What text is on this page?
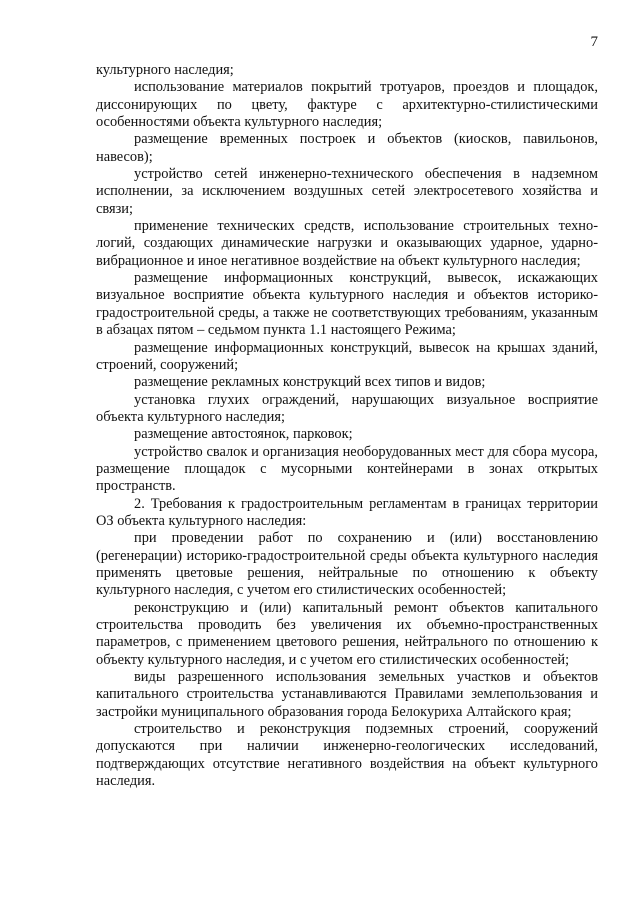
7

культурного наследия;

использование материалов покрытий тротуаров, проездов и площадок, диссонирующих по цвету, фактуре с архитектурно-стилистическими особенностями объекта культурного наследия;

размещение временных построек и объектов (киосков, павильонов, навесов);

устройство сетей инженерно-технического обеспечения в надземном исполнении, за исключением воздушных сетей электросетевого хозяйства и связи;

применение технических средств, использование строительных технологий, создающих динамические нагрузки и оказывающих ударное, ударно-вибрационное и иное негативное воздействие на объект культурного наследия;

размещение информационных конструкций, вывесок, искажающих визуальное восприятие объекта культурного наследия и объектов историко-градостроительной среды, а также не соответствующих требованиям, указанным в абзацах пятом – седьмом пункта 1.1 настоящего Режима;

размещение информационных конструкций, вывесок на крышах зданий, строений, сооружений;

размещение рекламных конструкций всех типов и видов;

установка глухих ограждений, нарушающих визуальное восприятие объекта культурного наследия;

размещение автостоянок, парковок;

устройство свалок и организация необорудованных мест для сбора мусора, размещение площадок с мусорными контейнерами в зонах открытых пространств.

2. Требования к градостроительным регламентам в границах территории ОЗ объекта культурного наследия:

при проведении работ по сохранению и (или) восстановлению (регенерации) историко-градостроительной среды объекта культурного наследия применять цветовые решения, нейтральные по отношению к объекту культурного наследия, с учетом его стилистических особенностей;

реконструкцию и (или) капитальный ремонт объектов капитального строительства проводить без увеличения их объемно-пространственных параметров, с применением цветового решения, нейтрального по отношению к объекту культурного наследия, и с учетом его стилистических особенностей;

виды разрешенного использования земельных участков и объектов капитального строительства устанавливаются Правилами землепользования и застройки муниципального образования города Белокуриха Алтайского края;

строительство и реконструкция подземных строений, сооружений допускаются при наличии инженерно-геологических исследований, подтверждающих отсутствие негативного воздействия на объект культурного наследия.
